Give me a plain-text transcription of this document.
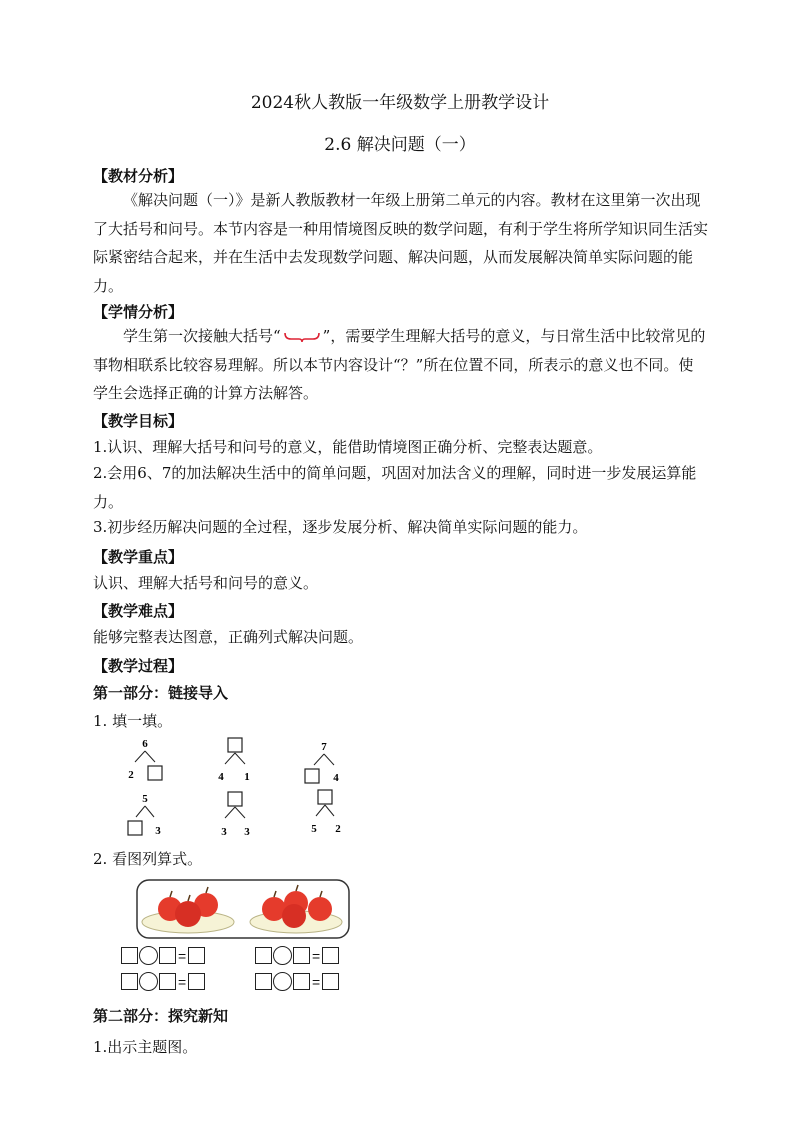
2024秋人教版一年级数学上册教学设计
2.6 解决问题（一）
【教材分析】
《解决问题（一）》是新人教版教材一年级上册第二单元的内容。教材在这里第一次出现了大括号和问号。本节内容是一种用情境图反映的数学问题，有利于学生将所学知识同生活实际紧密结合起来，并在生活中去发现数学问题、解决问题，从而发展解决简单实际问题的能力。
【学情分析】
学生第一次接触大括号“	”，需要学生理解大括号的意义，与日常生活中比较常见的事物相联系比较容易理解。所以本节内容设计“？”所在位置不同，所表示的意义也不同。使学生会选择正确的计算方法解答。
【教学目标】
1.认识、理解大括号和问号的意义，能借助情境图正确分析、完整表达题意。
2.会用6、7的加法解决生活中的简单问题，巩固对加法含义的理解，同时进一步发展运算能力。
3.初步经历解决问题的全过程，逐步发展分析、解决简单实际问题的能力。
【教学重点】
认识、理解大括号和问号的意义。
【教学难点】
能够完整表达图意，正确列式解决问题。
【教学过程】
第一部分：链接导入
1. 填一填。
6
2	4 1
7
4
5
3	3 3	5 2
2. 看图列算式。
=	=
=	=
第二部分：探究新知
1.出示主题图。
